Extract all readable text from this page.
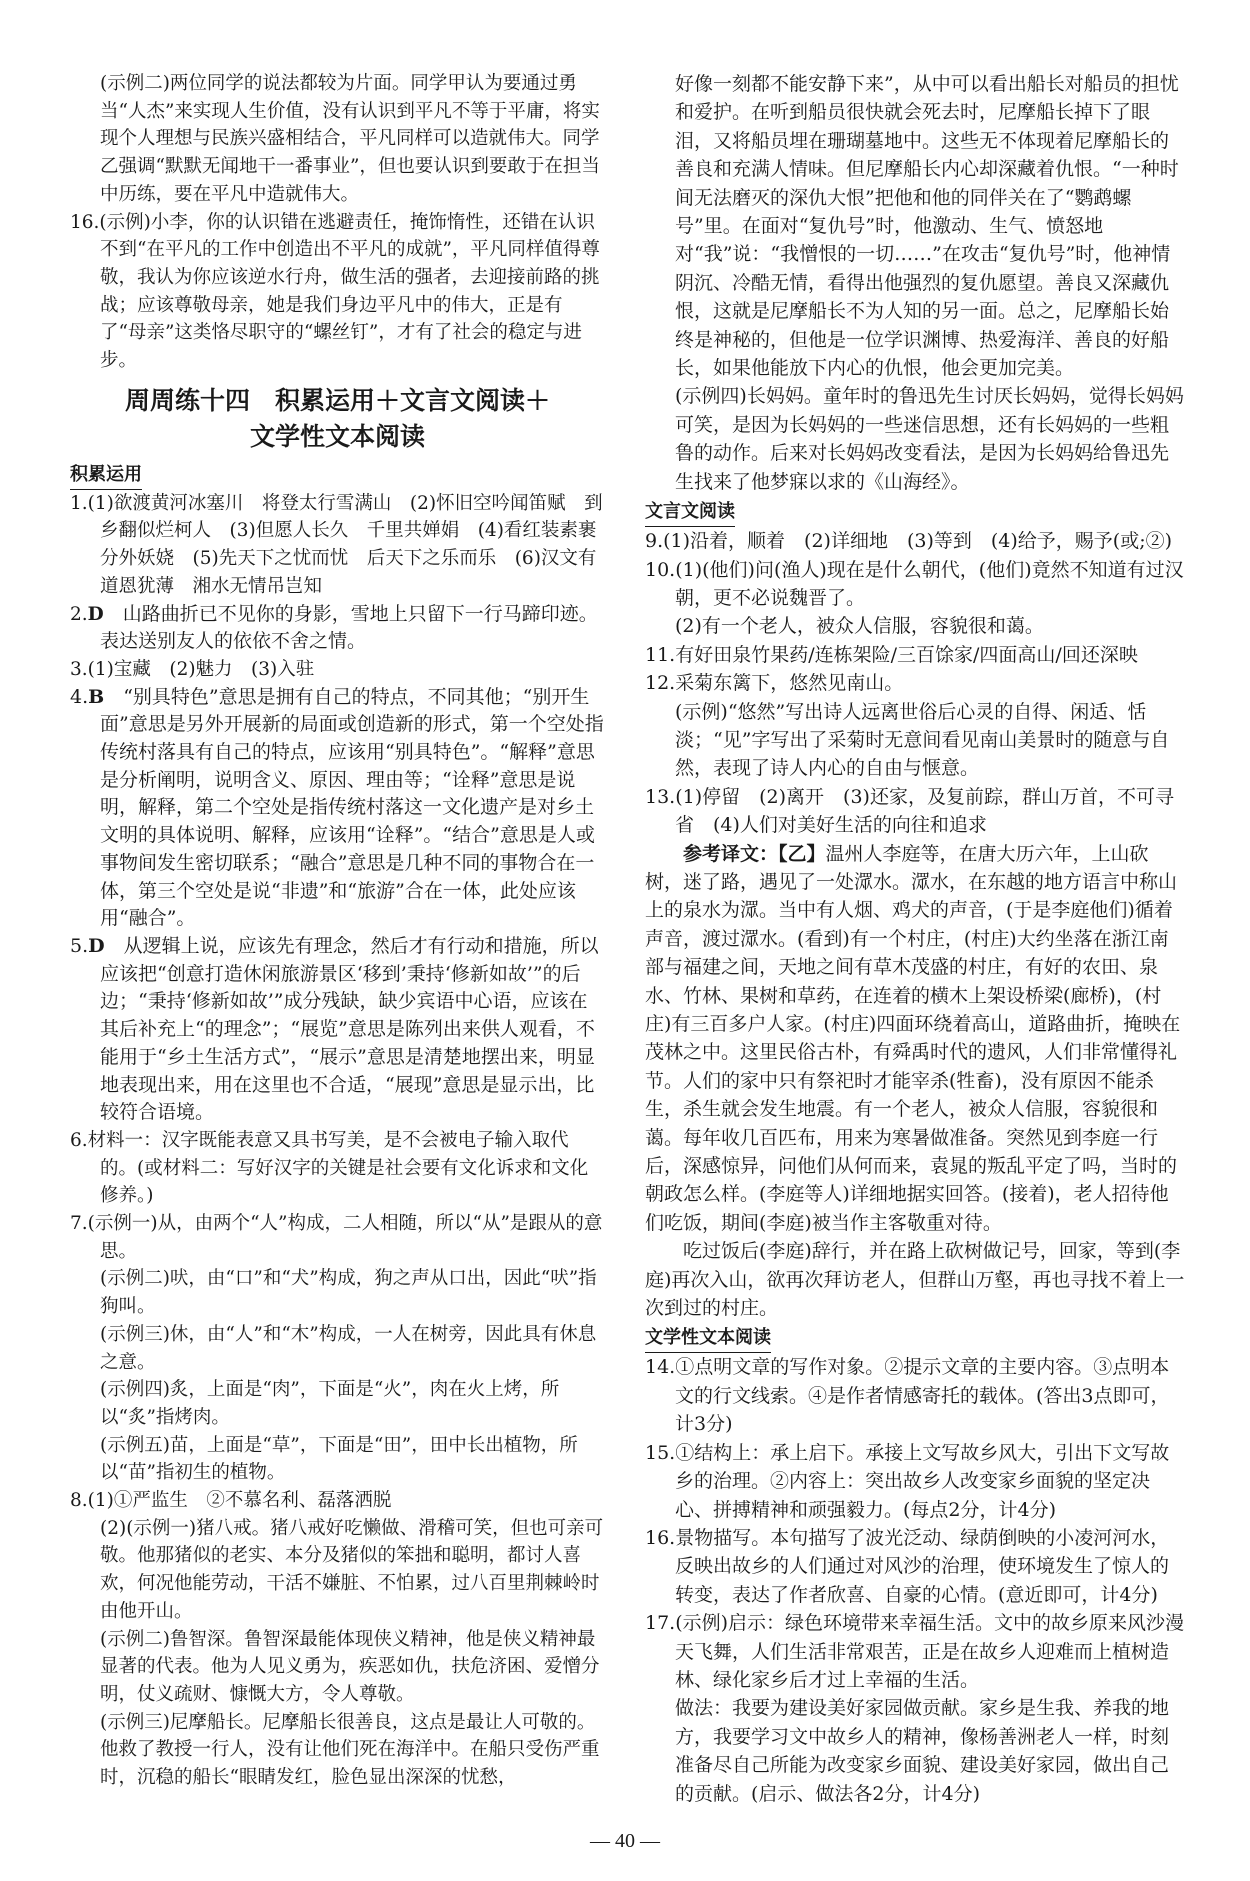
(示例二)两位同学的说法都较为片面。同学甲认为要通过勇当“人杰”来实现人生价值，没有认识到平凡不等于平庸，将实现个人理想与民族兴盛相结合，平凡同样可以造就伟大。同学乙强调“默默无闻地干一番事业”，但也要认识到要敢于在担当中历练，要在平凡中造就伟大。
16.(示例)小李，你的认识错在逃避责任，掩饰惰性，还错在认识不到“在平凡的工作中创造出不平凡的成就”，平凡同样值得尊敬，我认为你应该逆水行舟，做生活的强者，去迎接前路的挑战；应该尊敬母亲，她是我们身边平凡中的伟大，正是有了“母亲”这类恪尽职守的“螺丝钉”，才有了社会的稳定与进步。
周周练十四　积累运用＋文言文阅读＋
文学性文本阅读
积累运用
1.(1)欲渡黄河冰塞川　将登太行雪满山　(2)怀旧空吟闻笛赋　到乡翻似烂柯人　(3)但愿人长久　千里共婵娟　(4)看红装素裹　分外妖娆　(5)先天下之忧而忧　后天下之乐而乐　(6)汉文有道恩犹薄　湘水无情吊岂知
2.D　山路曲折已不见你的身影，雪地上只留下一行马蹄印迹。表达送别友人的依依不舍之情。
3.(1)宝藏　(2)魅力　(3)入驻
4.B　“别具特色”意思是拥有自己的特点，不同其他；“别开生面”意思是另外开展新的局面或创造新的形式，第一个空处指传统村落具有自己的特点，应该用“别具特色”。“解释”意思是分析阐明，说明含义、原因、理由等；“诠释”意思是说明，解释，第二个空处是指传统村落这一文化遗产是对乡土文明的具体说明、解释，应该用“诠释”。“结合”意思是人或事物间发生密切联系；“融合”意思是几种不同的事物合在一体，第三个空处是说“非遗”和“旅游”合在一体，此处应该用“融合”。
5.D　从逻辑上说，应该先有理念，然后才有行动和措施，所以应该把“创意打造休闲旅游景区‘移到’秉持‘修新如故’”的后边；“秉持‘修新如故’”成分残缺，缺少宾语中心语，应该在其后补充上“的理念”；“展览”意思是陈列出来供人观看，不能用于“乡土生活方式”，“展示”意思是清楚地摆出来，明显地表现出来，用在这里也不合适，“展现”意思是显示出，比较符合语境。
6.材料一：汉字既能表意又具书写美，是不会被电子输入取代的。(或材料二：写好汉字的关键是社会要有文化诉求和文化修养。)
7.(示例一)从，由两个“人”构成，二人相随，所以“从”是跟从的意思。
(示例二)吠，由“口”和“犬”构成，狗之声从口出，因此“吠”指狗叫。
(示例三)休，由“人”和“木”构成，一人在树旁，因此具有休息之意。
(示例四)炙，上面是“肉”，下面是“火”，肉在火上烤，所以“炙”指烤肉。
(示例五)苗，上面是“草”，下面是“田”，田中长出植物，所以“苗”指初生的植物。
8.(1)①严监生　②不慕名利、磊落洒脱
(2)(示例一)猪八戒。猪八戒好吃懒做、滑稽可笑，但也可亲可敬。他那猪似的老实、本分及猪似的笨拙和聪明，都讨人喜欢，何况他能劳动，干活不嫌脏、不怕累，过八百里荆棘岭时由他开山。
(示例二)鲁智深。鲁智深最能体现侠义精神，他是侠义精神最显著的代表。他为人见义勇为，疾恶如仇，扶危济困、爱憎分明，仗义疏财、慷慨大方，令人尊敬。
(示例三)尼摩船长。尼摩船长很善良，这点是最让人可敬的。他救了教授一行人，没有让他们死在海洋中。在船只受伤严重时，沉稳的船长“眼睛发红，脸色显出深深的忧愁，
好像一刻都不能安静下来”，从中可以看出船长对船员的担忧和爱护。在听到船员很快就会死去时，尼摩船长掉下了眼泪，又将船员埋在珊瑚墓地中。这些无不体现着尼摩船长的善良和充满人情味。但尼摩船长内心却深藏着仇恨。“一种时间无法磨灭的深仇大恨”把他和他的同伴关在了“鹦鹉螺号”里。在面对“复仇号”时，他激动、生气、愤怒地对“我”说：“我憎恨的一切……”在攻击“复仇号”时，他神情阴沉、冷酷无情，看得出他强烈的复仇愿望。善良又深藏仇恨，这就是尼摩船长不为人知的另一面。总之，尼摩船长始终是神秘的，但他是一位学识渊博、热爱海洋、善良的好船长，如果他能放下内心的仇恨，他会更加完美。
(示例四)长妈妈。童年时的鲁迅先生讨厌长妈妈，觉得长妈妈可笑，是因为长妈妈的一些迷信思想，还有长妈妈的一些粗鲁的动作。后来对长妈妈改变看法，是因为长妈妈给鲁迅先生找来了他梦寐以求的《山海经》。
文言文阅读
9.(1)沿着，顺着　(2)详细地　(3)等到　(4)给予，赐予(或;②)
10.(1)(他们)问(渔人)现在是什么朝代，(他们)竟然不知道有过汉朝，更不必说魏晋了。
(2)有一个老人，被众人信服，容貌很和蔼。
11.有好田泉竹果药/连栋架险/三百馀家/四面高山/回还深映
12.采菊东篱下，悠然见南山。
(示例)“悠然”写出诗人远离世俗后心灵的自得、闲适、恬淡；“见”字写出了采菊时无意间看见南山美景时的随意与自然，表现了诗人内心的自由与惬意。
13.(1)停留　(2)离开　(3)还家，及复前踪，群山万首，不可寻省　(4)人们对美好生活的向往和追求
参考译文：【乙】温州人李庭等，在唐大历六年，上山砍树，迷了路，遇见了一处潀水。潀水，在东越的地方语言中称山上的泉水为潀。当中有人烟、鸡犬的声音，(于是李庭他们)循着声音，渡过潀水。(看到)有一个村庄，(村庄)大约坐落在浙江南部与福建之间，天地之间有草木茂盛的村庄，有好的农田、泉水、竹林、果树和草药，在连着的横木上架设桥梁(廊桥)，(村庄)有三百多户人家。(村庄)四面环绕着高山，道路曲折，掩映在茂林之中。这里民俗古朴，有舜禹时代的遗风，人们非常懂得礼节。人们的家中只有祭祀时才能宰杀(牲畜)，没有原因不能杀生，杀生就会发生地震。有一个老人，被众人信服，容貌很和蔼。每年收几百匹布，用来为寒暑做准备。突然见到李庭一行后，深感惊异，问他们从何而来，袁晁的叛乱平定了吗，当时的朝政怎么样。(李庭等人)详细地据实回答。(接着)，老人招待他们吃饭，期间(李庭)被当作主客敬重对待。
吃过饭后(李庭)辞行，并在路上砍树做记号，回家，等到(李庭)再次入山，欲再次拜访老人，但群山万壑，再也寻找不着上一次到过的村庄。
文学性文本阅读
14.①点明文章的写作对象。②提示文章的主要内容。③点明本文的行文线索。④是作者情感寄托的载体。(答出3点即可，计3分)
15.①结构上：承上启下。承接上文写故乡风大，引出下文写故乡的治理。②内容上：突出故乡人改变家乡面貌的坚定决心、拼搏精神和顽强毅力。(每点2分，计4分)
16.景物描写。本句描写了波光泛动、绿荫倒映的小凌河河水，反映出故乡的人们通过对风沙的治理，使环境发生了惊人的转变，表达了作者欣喜、自豪的心情。(意近即可，计4分)
17.(示例)启示：绿色环境带来幸福生活。文中的故乡原来风沙漫天飞舞，人们生活非常艰苦，正是在故乡人迎难而上植树造林、绿化家乡后才过上幸福的生活。
做法：我要为建设美好家园做贡献。家乡是生我、养我的地方，我要学习文中故乡人的精神，像杨善洲老人一样，时刻准备尽自己所能为改变家乡面貌、建设美好家园，做出自己的贡献。(启示、做法各2分，计4分)
— 40 —
